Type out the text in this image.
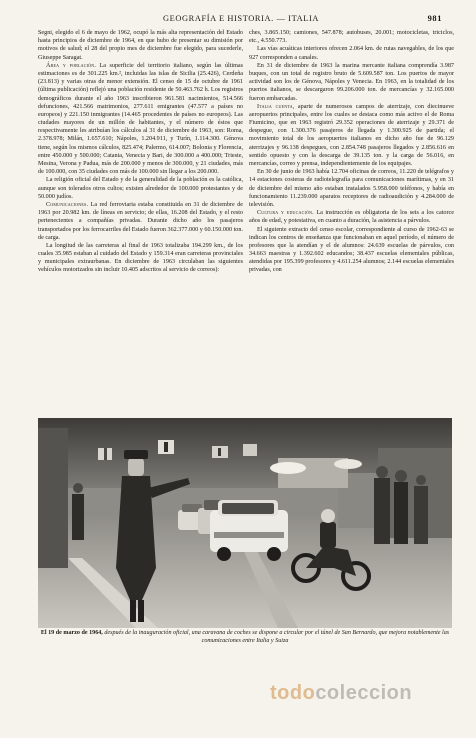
GEOGRAFÍA E HISTORIA. — ITALIA	981

Segni, elegido el 6 de mayo de 1962, ocupó la más alta representación del Estado hasta principios de diciembre de 1964, en que hubo de presentar su dimisión por motivos de salud; el 28 del propio mes de diciembre fue elegido, para sucederle, Giuseppe Saragat.

Área y población. La superficie del territorio italiano, según las últimas estimaciones es de 301.225 km.², incluidas las islas de Sicilia (25.426), Cerdeña (23.813) y varias otras de menor extensión. El censo de 15 de octubre de 1961 (última publicación) reflejó una población residente de 50.463.762 h. Los registros demográficos durante el año 1963 inscribieron 961.581 nacimientos, 514.566 defunciones, 421.566 matrimonios, 277.611 emigrantes (47.577 a países no europeos) y 221.150 inmigrantes (14.465 procedentes de países no europeos). Las ciudades mayores de un millón de habitantes, y el número de éstos que respectivamente les atribuían los cálculos al 31 de diciembre de 1963, son: Roma, 2.378.978; Milán, 1.657.610; Nápoles, 1.204.911, y Turín, 1.114.300. Génova tiene, según los mismos cálculos, 825.474; Palermo, 614.007; Bolonia y Florencia, entre 450.000 y 500.000; Catania, Venecia y Bari, de 300.000 a 400.000; Trieste, Mesina, Verona y Padua, más de 200.000 y menos de 300.000, y 21 ciudades, más de 100.000, con 35 ciudades con más de 100.000 sin llegar a los 200.000.

La religión oficial del Estado y de la generalidad de la población es la católica, aunque son tolerados otros cultos; existen alrededor de 100.000 protestantes y de 50.000 judíos.

Comunicaciones. La red ferroviaria estaba constituida en 31 de diciembre de 1963 por 20.982 km. de líneas en servicio; de ellas, 16.208 del Estado, y el resto pertenecientes a compañías privadas. Durante dicho año los pasajeros transportados por los ferrocarriles del Estado fueron 362.377.000 y 60.150.000 ton. de carga.

La longitud de las carreteras al final de 1963 totalizaba 194.299 km., de los cuales 35.985 estaban al cuidado del Estado y 159.314 eran carreteras provinciales y municipales extraurbanas. En diciembre de 1963 circulaban las siguientes vehículos motorizados sin incluir 10.405 adscritos al servicio de correos):

ches, 3.865.150; camiones, 547.878; autobuses, 20.001; motocicletas, triciclos, etc., 4.550.773.

Las vías acuáticas interiores ofrecen 2.064 km. de rutas navegables, de los que 927 corresponden a canales.

En 31 de diciembre de 1963 la marina mercante italiana comprendía 3.987 buques, con un total de registro bruto de 5.609.587 ton. Los puertos de mayor actividad son los de Génova, Nápoles y Venecia. En 1963, en la totalidad de los puertos italianos, se descargaron 99.206.000 ton. de mercancías y 32.165.000 fueron embarcadas.

Italia cuenta, aparte de numerosos campos de aterrizaje, con diecinueve aeropuertos principales, entre los cuales se destaca como más activo el de Roma Fiumicino, que en 1963 registró 29.352 operaciones de aterrizaje y 29.371 de despegue, con 1.300.376 pasajeros de llegada y 1.300.925 de partida; el movimiento total de los aeropuertos italianos en dicho año fue de 96.129 aterrizajes y 96.138 despegues, con 2.854.748 pasajeros llegados y 2.856.616 en sentido opuesto y con la descarga de 39.135 ton. y la carga de 56.016, en mercancías, correo y prensa, independientemente de los equipajes.

En 30 de junio de 1963 había 12.704 oficinas de correos, 11.220 de telégrafos y 14 estaciones costeras de radiotelegrafía para comunicaciones marítimas, y en 31 de diciembre del mismo año estaban instalados 5.958.000 teléfonos, y había en funcionamiento 11.239.000 aparatos receptores de radioaudición y 4.284.000 de televisión.

Cultura y educación. La instrucción es obligatoria de los seis a los catorce años de edad, y potestativa, en cuanto a duración, la asistencia a párvulos.

El siguiente extracto del censo escolar, correspondiente al curso de 1962-63 se indican los centros de enseñanza que funcionaban en aquel período, el número de profesores que la atendían y el de alumnos: 24.639 escuelas de párvulos, con 34.663 maestras y 1.392.602 educandos; 38.437 escuelas elementales públicas, atendidas por 195.399 profesores y 4.611.254 alumnos; 2.144 escuelas elementales privadas, con

El 19 de marzo de 1964, después de la inauguración oficial, una caravana de coches se dispone a circular por el túnel de San Bernardo, que mejora notablemente las comunicaciones entre Italia y Suiza
todocoleccion
